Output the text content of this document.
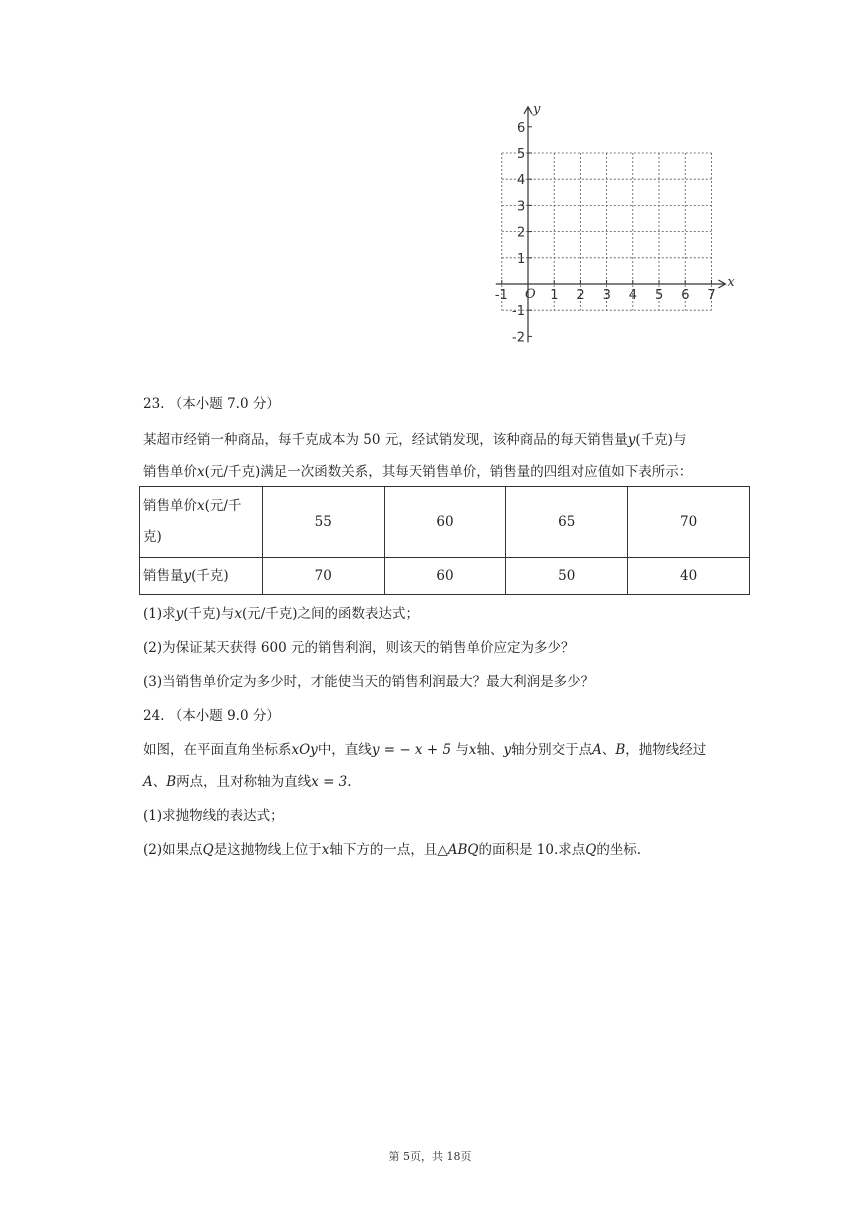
x
y
O
-1	1 2 3 4 5 6 7
6
5
4
3
2
1
-1
-2
23. （本小题 7.0 分）
某超市经销一种商品，每千克成本为 50 元，经试销发现，该种商品的每天销售量y(千克)与
销售单价x(元/千克)满足一次函数关系，其每天销售单价，销售量的四组对应值如下表所示：
销售单价x(元/千
克)	55	60	65	70
销售量y(千克)	70	60	50	40
(1)求y(千克)与x(元/千克)之间的函数表达式；
(2)为保证某天获得 600 元的销售利润，则该天的销售单价应定为多少？
(3)当销售单价定为多少时，才能使当天的销售利润最大？最大利润是多少？
24. （本小题 9.0 分）
如图，在平面直角坐标系xOy中，直线y = − x + 5 与x轴、y轴分别交于点A、B，抛物线经过
A、B两点，且对称轴为直线x = 3.
(1)求抛物线的表达式；
(2)如果点Q是这抛物线上位于x轴下方的一点，且△ABQ的面积是 10.求点Q的坐标.
第 5页，共 18页
